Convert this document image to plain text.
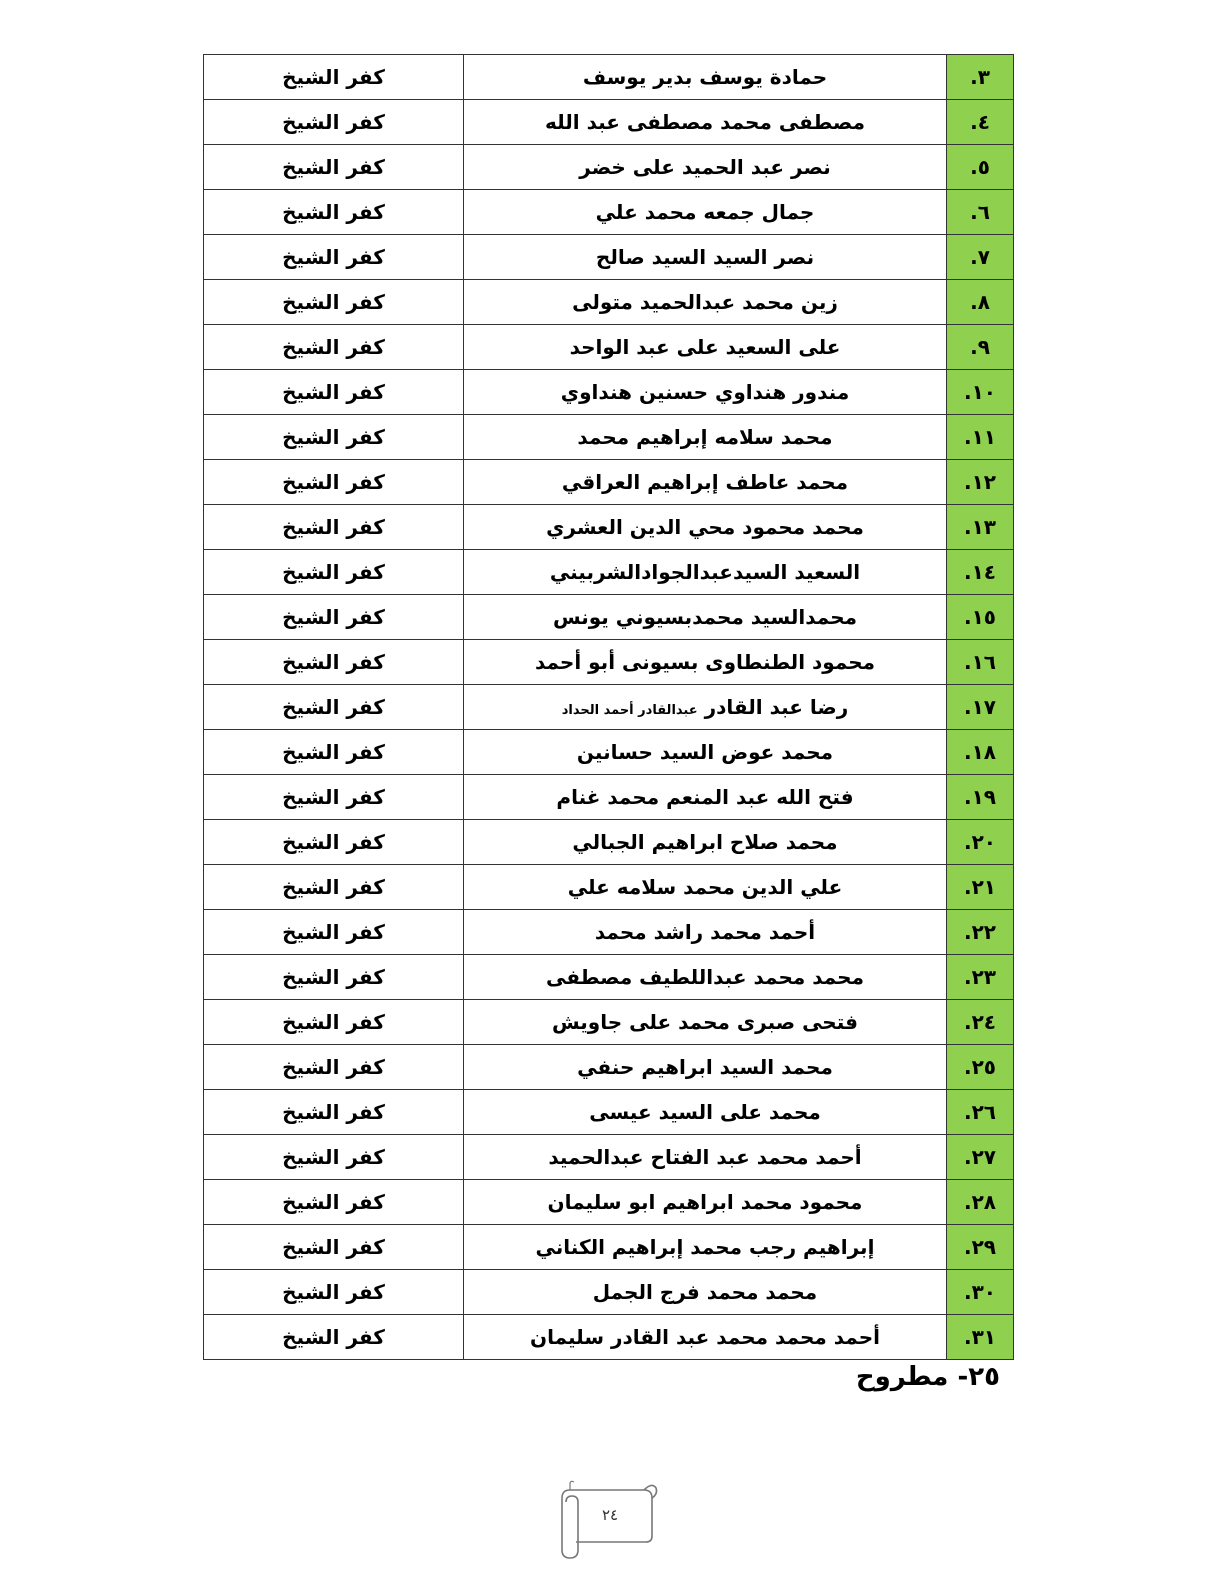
٣.	حمادة يوسف بدير يوسف	كفر الشيخ
٤.	مصطفى محمد مصطفى عبد الله	كفر الشيخ
٥.	نصر عبد الحميد على خضر	كفر الشيخ
٦.	جمال جمعه محمد علي	كفر الشيخ
٧.	نصر السيد السيد صالح	كفر الشيخ
٨.	زين محمد عبدالحميد متولى	كفر الشيخ
٩.	على السعيد على عبد الواحد	كفر الشيخ
١٠.	مندور هنداوي حسنين هنداوي	كفر الشيخ
١١.	محمد سلامه إبراهيم محمد	كفر الشيخ
١٢.	محمد عاطف إبراهيم العراقي	كفر الشيخ
١٣.	محمد محمود محي الدين العشري	كفر الشيخ
١٤.	السعيد السيدعبدالجوادالشربيني	كفر الشيخ
١٥.	محمدالسيد محمدبسيوني يونس	كفر الشيخ
١٦.	محمود الطنطاوى بسيونى أبو أحمد	كفر الشيخ
١٧.	رضا عبد القادر عبدالقادر أحمد الحداد	كفر الشيخ
١٨.	محمد عوض السيد حسانين	كفر الشيخ
١٩.	فتح الله عبد المنعم محمد غنام	كفر الشيخ
٢٠.	محمد صلاح ابراهيم الجبالي	كفر الشيخ
٢١.	علي الدين محمد سلامه علي	كفر الشيخ
٢٢.	أحمد محمد راشد محمد	كفر الشيخ
٢٣.	محمد محمد عبداللطيف مصطفى	كفر الشيخ
٢٤.	فتحى صبرى محمد على جاويش	كفر الشيخ
٢٥.	محمد السيد ابراهيم حنفي	كفر الشيخ
٢٦.	محمد على السيد عيسى	كفر الشيخ
٢٧.	أحمد محمد عبد الفتاح عبدالحميد	كفر الشيخ
٢٨.	محمود محمد ابراهيم ابو سليمان	كفر الشيخ
٢٩.	إبراهيم رجب محمد إبراهيم الكناني	كفر الشيخ
٣٠.	محمد محمد فرج الجمل	كفر الشيخ
٣١.	أحمد محمد محمد عبد القادر سليمان	كفر الشيخ
٢٥- مطروح
٢٤
